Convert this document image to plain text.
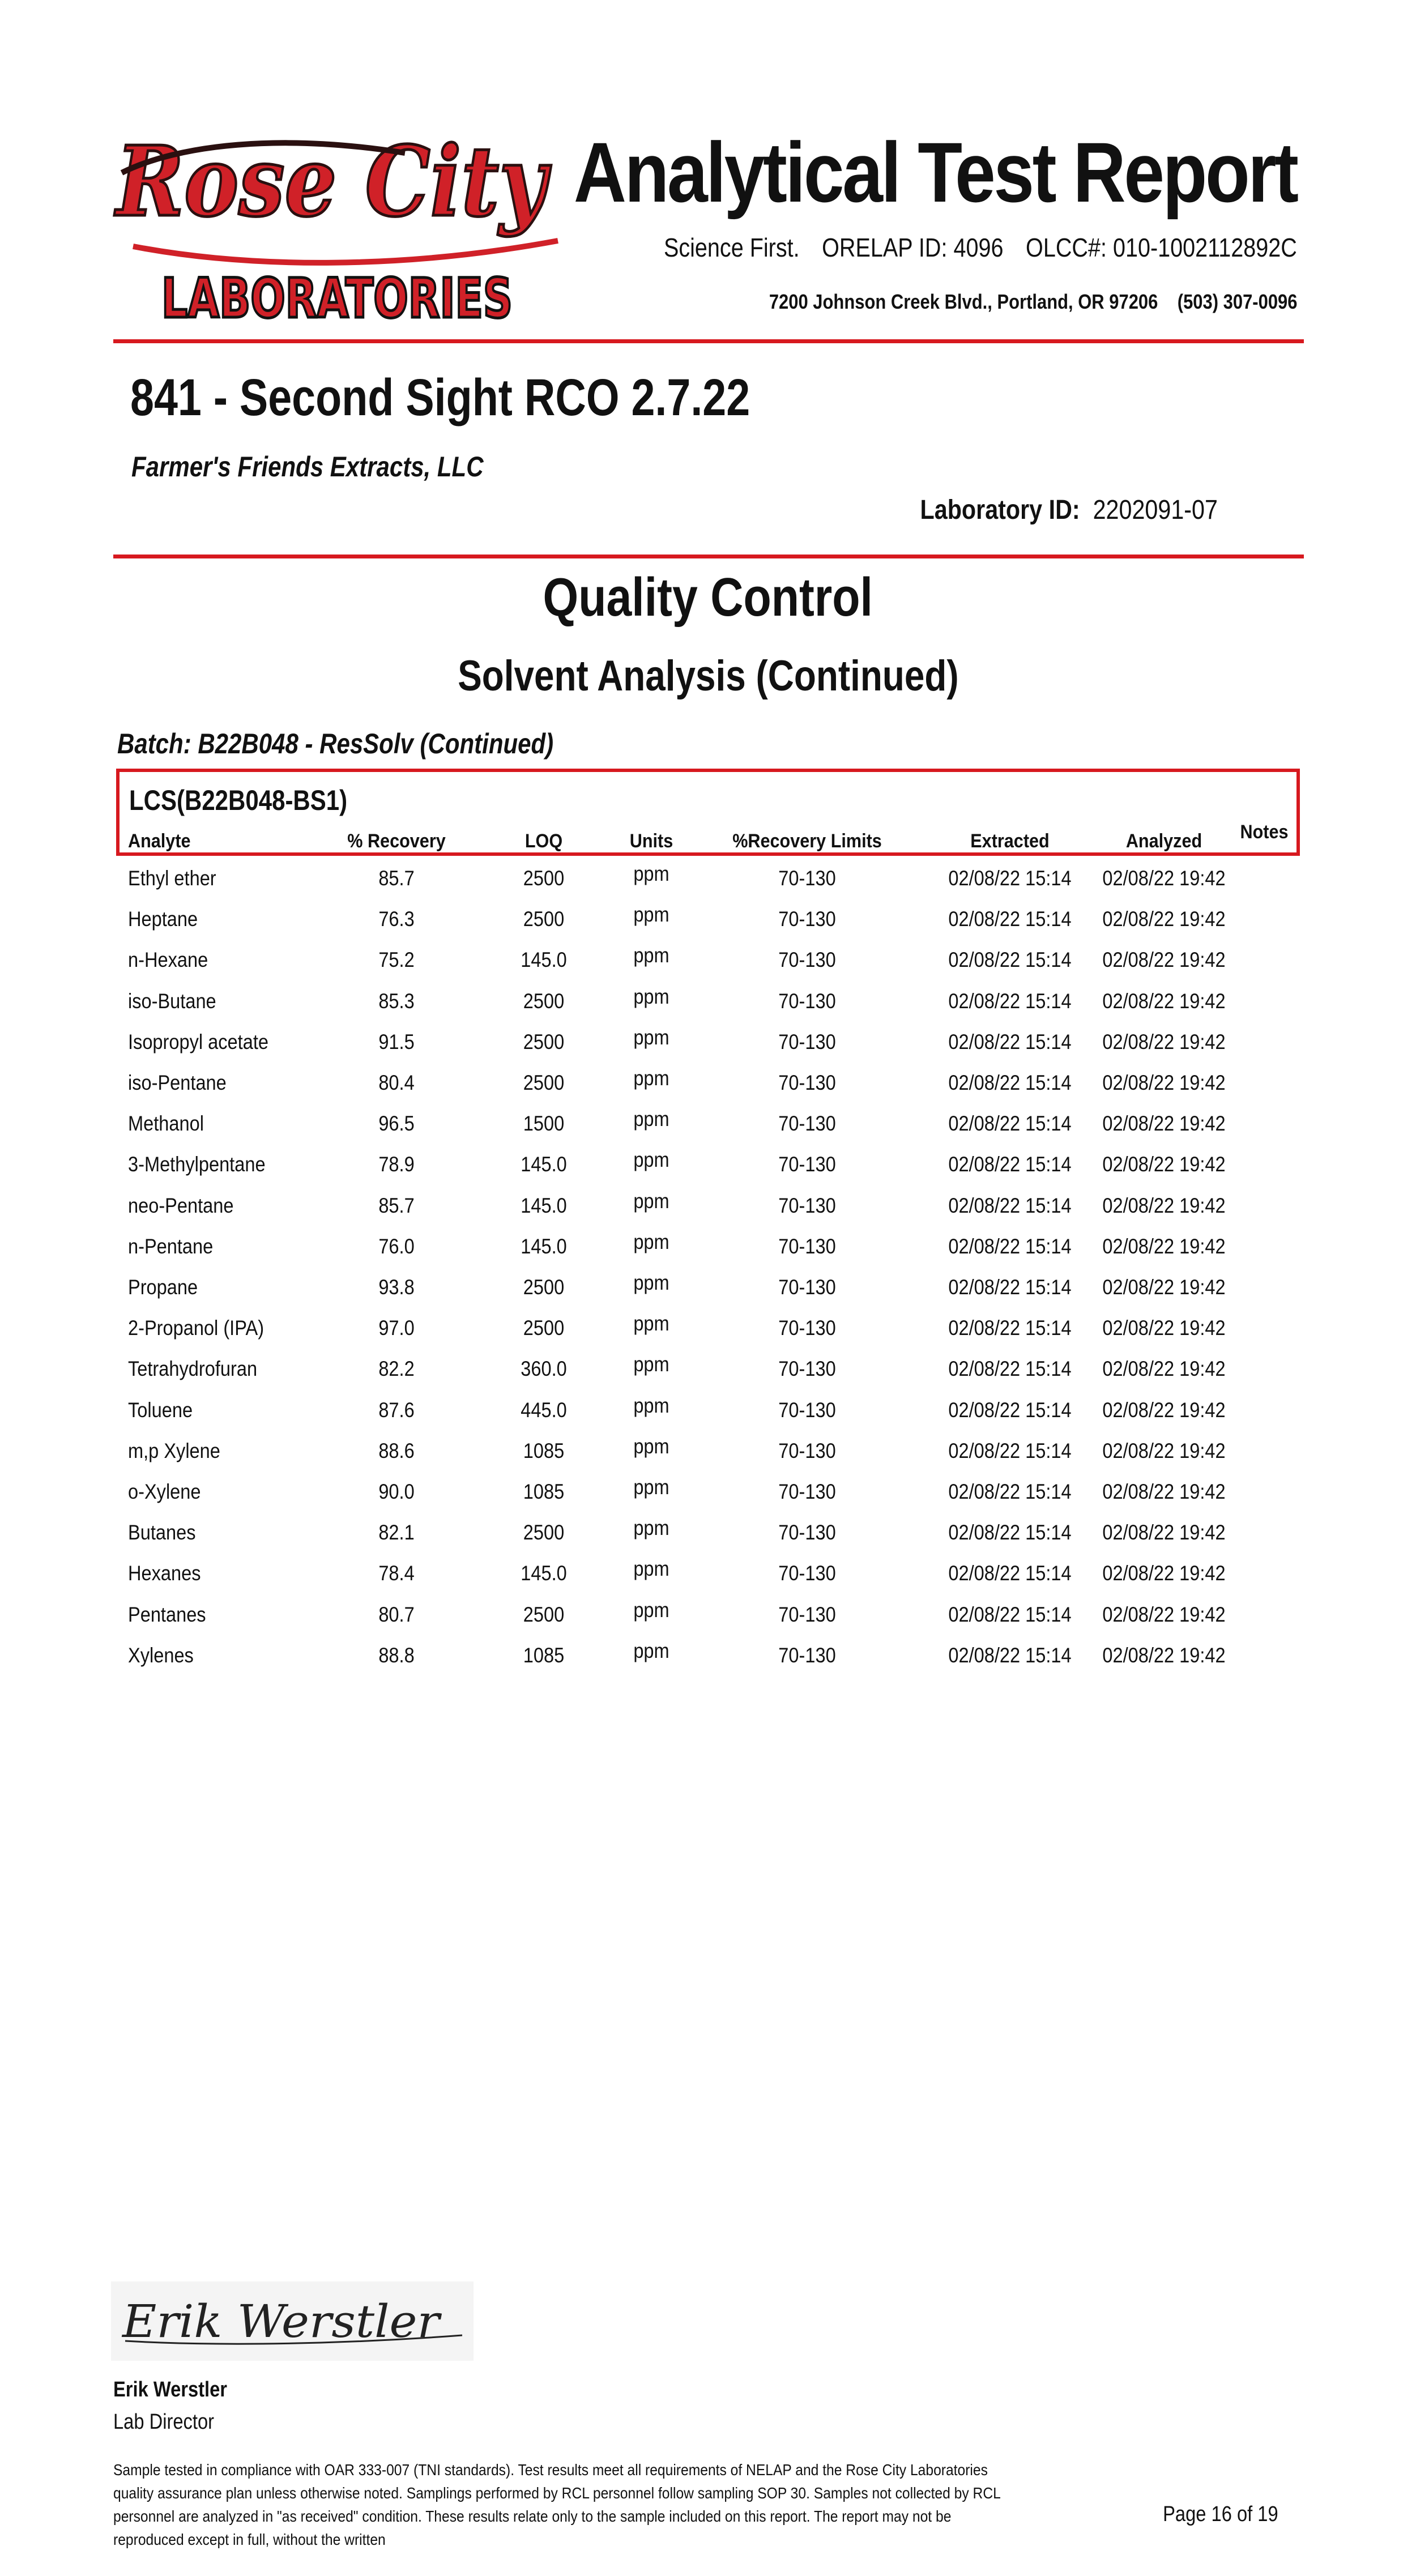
Rose City
LABORATORIES
Analytical Test Report
Science First. ORELAP ID: 4096 OLCC#: 010-1002112892C
7200 Johnson Creek Blvd., Portland, OR 97206 (503) 307-0096
841 - Second Sight RCO 2.7.22
Farmer's Friends Extracts, LLC
Laboratory ID: 2202091-07
Quality Control
Solvent Analysis (Continued)
Batch: B22B048 - ResSolv (Continued)
LCS(B22B048-BS1)
Analyte	% Recovery	LOQ	Units	%Recovery Limits	Extracted	Analyzed Notes
Ethyl ether	85.7	2500	ppm	70-130	02/08/22 15:14 02/08/22 19:42
Heptane	76.3	2500	ppm	70-130	02/08/22 15:14 02/08/22 19:42
n-Hexane	75.2	145.0	ppm	70-130	02/08/22 15:14 02/08/22 19:42
iso-Butane	85.3	2500	ppm	70-130	02/08/22 15:14 02/08/22 19:42
Isopropyl acetate	91.5	2500	ppm	70-130	02/08/22 15:14 02/08/22 19:42
iso-Pentane	80.4	2500	ppm	70-130	02/08/22 15:14 02/08/22 19:42
Methanol	96.5	1500	ppm	70-130	02/08/22 15:14 02/08/22 19:42
3-Methylpentane	78.9	145.0	ppm	70-130	02/08/22 15:14 02/08/22 19:42
neo-Pentane	85.7	145.0	ppm	70-130	02/08/22 15:14 02/08/22 19:42
n-Pentane	76.0	145.0	ppm	70-130	02/08/22 15:14 02/08/22 19:42
Propane	93.8	2500	ppm	70-130	02/08/22 15:14 02/08/22 19:42
2-Propanol (IPA)	97.0	2500	ppm	70-130	02/08/22 15:14 02/08/22 19:42
Tetrahydrofuran	82.2	360.0	ppm	70-130	02/08/22 15:14 02/08/22 19:42
Toluene	87.6	445.0	ppm	70-130	02/08/22 15:14 02/08/22 19:42
m,p Xylene	88.6	1085	ppm	70-130	02/08/22 15:14 02/08/22 19:42
o-Xylene	90.0	1085	ppm	70-130	02/08/22 15:14 02/08/22 19:42
Butanes	82.1	2500	ppm	70-130	02/08/22 15:14 02/08/22 19:42
Hexanes	78.4	145.0	ppm	70-130	02/08/22 15:14 02/08/22 19:42
Pentanes	80.7	2500	ppm	70-130	02/08/22 15:14 02/08/22 19:42
Xylenes	88.8	1085	ppm	70-130	02/08/22 15:14 02/08/22 19:42
Erik Werstler
Erik Werstler
Lab Director
Sample tested in compliance with OAR 333-007 (TNI standards). Test results meet all requirements of NELAP and the Rose City Laboratories quality assurance plan unless otherwise noted. Samplings performed by RCL personnel follow sampling SOP 30. Samples not collected by RCL personnel are analyzed in "as received" condition. These results relate only to the sample included on this report. The report may not be reproduced except in full, without the written
Page 16 of 19
